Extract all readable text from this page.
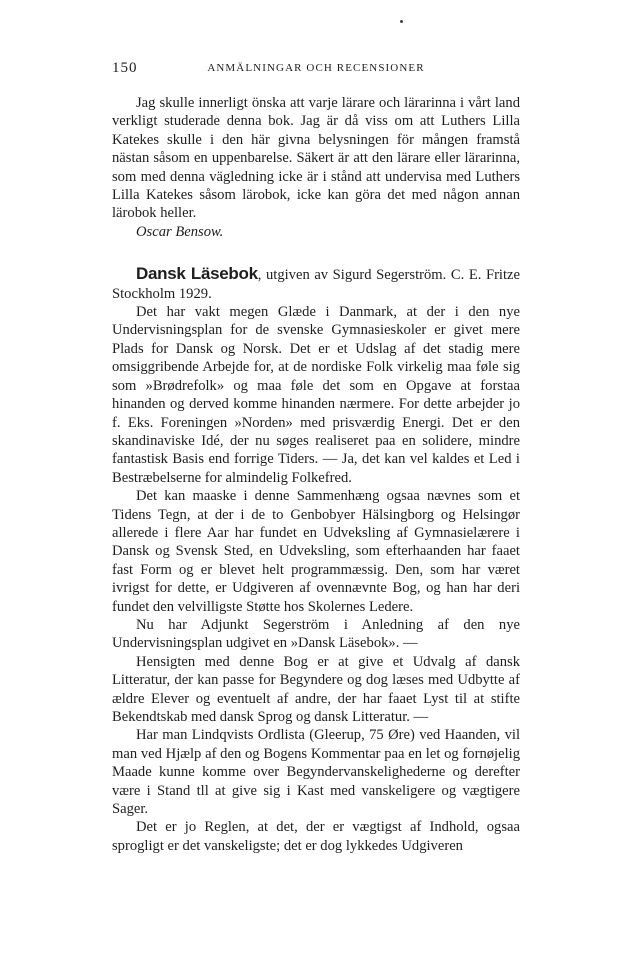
150	ANMÄLNINGAR OCH RECENSIONER

Jag skulle innerligt önska att varje lärare och lärarinna i vårt land verkligt studerade denna bok. Jag är då viss om att Luthers Lilla Katekes skulle i den här givna belysningen för mången framstå nästan såsom en uppenbarelse. Säkert är att den lärare eller lärarinna, som med denna vägledning icke är i stånd att undervisa med Luthers Lilla Katekes såsom lärobok, icke kan göra det med någon annan lärobok heller.

Oscar Bensow.

Dansk Läsebok, utgiven av Sigurd Segerström. C. E. Fritze Stockholm 1929.

Det har vakt megen Glæde i Danmark, at der i den nye Undervisningsplan for de svenske Gymnasieskoler er givet mere Plads for Dansk og Norsk. Det er et Udslag af det stadig mere omsiggribende Arbejde for, at de nordiske Folk virkelig maa føle sig som »Brødrefolk» og maa føle det som en Opgave at forstaa hinanden og derved komme hinanden nærmere. For dette arbejder jo f. Eks. Foreningen »Norden» med prisværdig Energi. Det er den skandinaviske Idé, der nu søges realiseret paa en solidere, mindre fantastisk Basis end forrige Tiders. — Ja, det kan vel kaldes et Led i Bestræbelserne for almindelig Folkefred.

Det kan maaske i denne Sammenhæng ogsaa nævnes som et Tidens Tegn, at der i de to Genbobyer Hälsingborg og Helsingør allerede i flere Aar har fundet en Udveksling af Gymnasielærere i Dansk og Svensk Sted, en Udveksling, som efterhaanden har faaet fast Form og er blevet helt programmæssig. Den, som har været ivrigst for dette, er Udgiveren af ovennævnte Bog, og han har deri fundet den velvilligste Støtte hos Skolernes Ledere.

Nu har Adjunkt Segerström i Anledning af den nye Undervisningsplan udgivet en »Dansk Läsebok». —

Hensigten med denne Bog er at give et Udvalg af dansk Litteratur, der kan passe for Begyndere og dog læses med Udbytte af ældre Elever og eventuelt af andre, der har faaet Lyst til at stifte Bekendtskab med dansk Sprog og dansk Litteratur. —

Har man Lindqvists Ordlista (Gleerup, 75 Øre) ved Haanden, vil man ved Hjælp af den og Bogens Kommentar paa en let og fornøjelig Maade kunne komme over Begyndervanskelighederne og derefter være i Stand tll at give sig i Kast med vanskeligere og vægtigere Sager.

Det er jo Reglen, at det, der er vægtigst af Indhold, ogsaa sprogligt er det vanskeligste; det er dog lykkedes Udgiveren
